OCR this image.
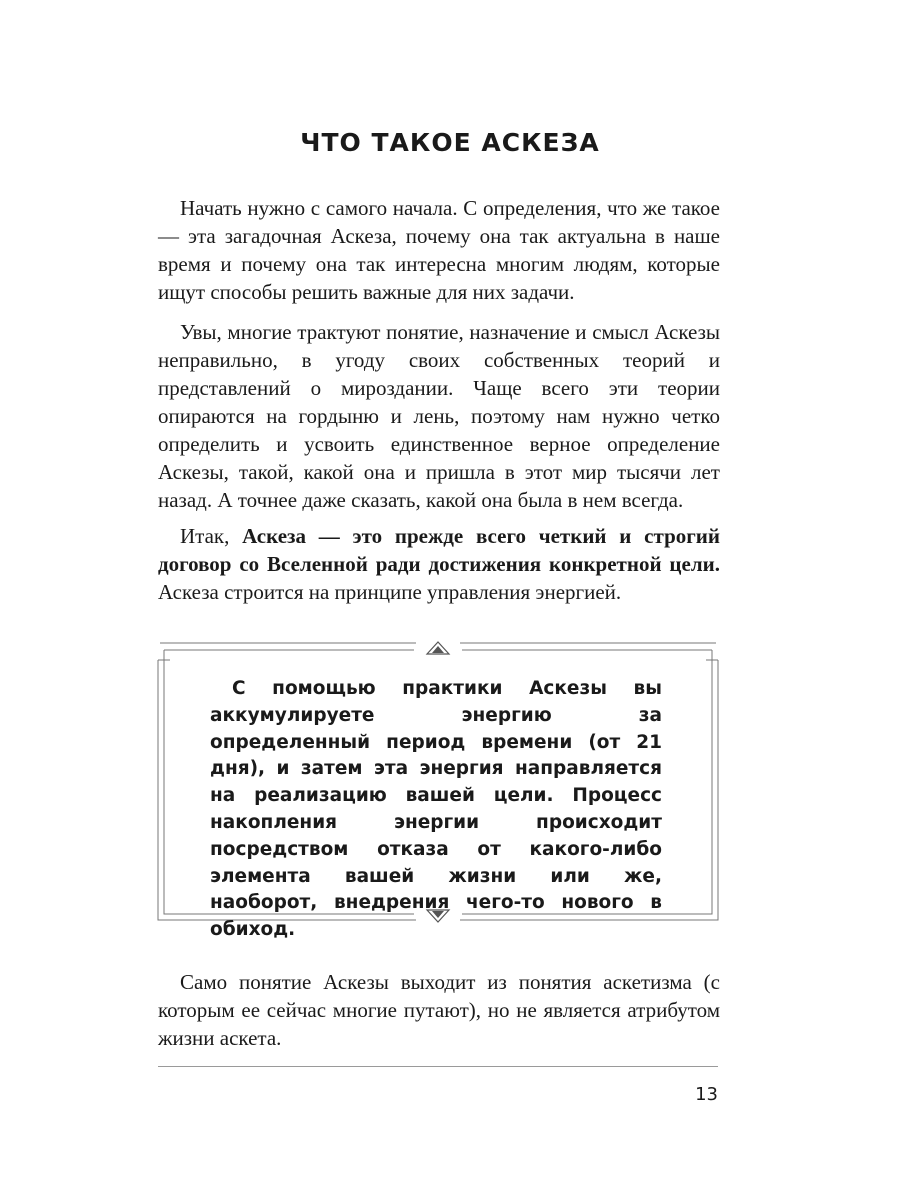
ЧТО ТАКОЕ АСКЕЗА

Начать нужно с самого начала. С определения, что же такое — эта загадочная Аскеза, почему она так актуальна в наше время и почему она так интересна многим людям, которые ищут способы решить важные для них задачи.

Увы, многие трактуют понятие, назначение и смысл Аскезы неправильно, в угоду своих собственных теорий и представлений о мироздании. Чаще всего эти теории опираются на гордыню и лень, поэтому нам нужно четко определить и усвоить единственное верное определение Аскезы, такой, какой она и пришла в этот мир тысячи лет назад. А точнее даже сказать, какой она была в нем всегда.

Итак, Аскеза — это прежде всего четкий и строгий договор со Вселенной ради достижения конкретной цели. Аскеза строится на принципе управления энергией.

С помощью практики Аскезы вы аккумулируете энергию за определенный период времени (от 21 дня), и затем эта энергия направляется на реализацию вашей цели. Процесс накопления энергии происходит посредством отказа от какого-либо элемента вашей жизни или же, наоборот, внедрения чего-то нового в обиход.

Само понятие Аскезы выходит из понятия аскетизма (с которым ее сейчас многие путают), но не является атрибутом жизни аскета.

13
